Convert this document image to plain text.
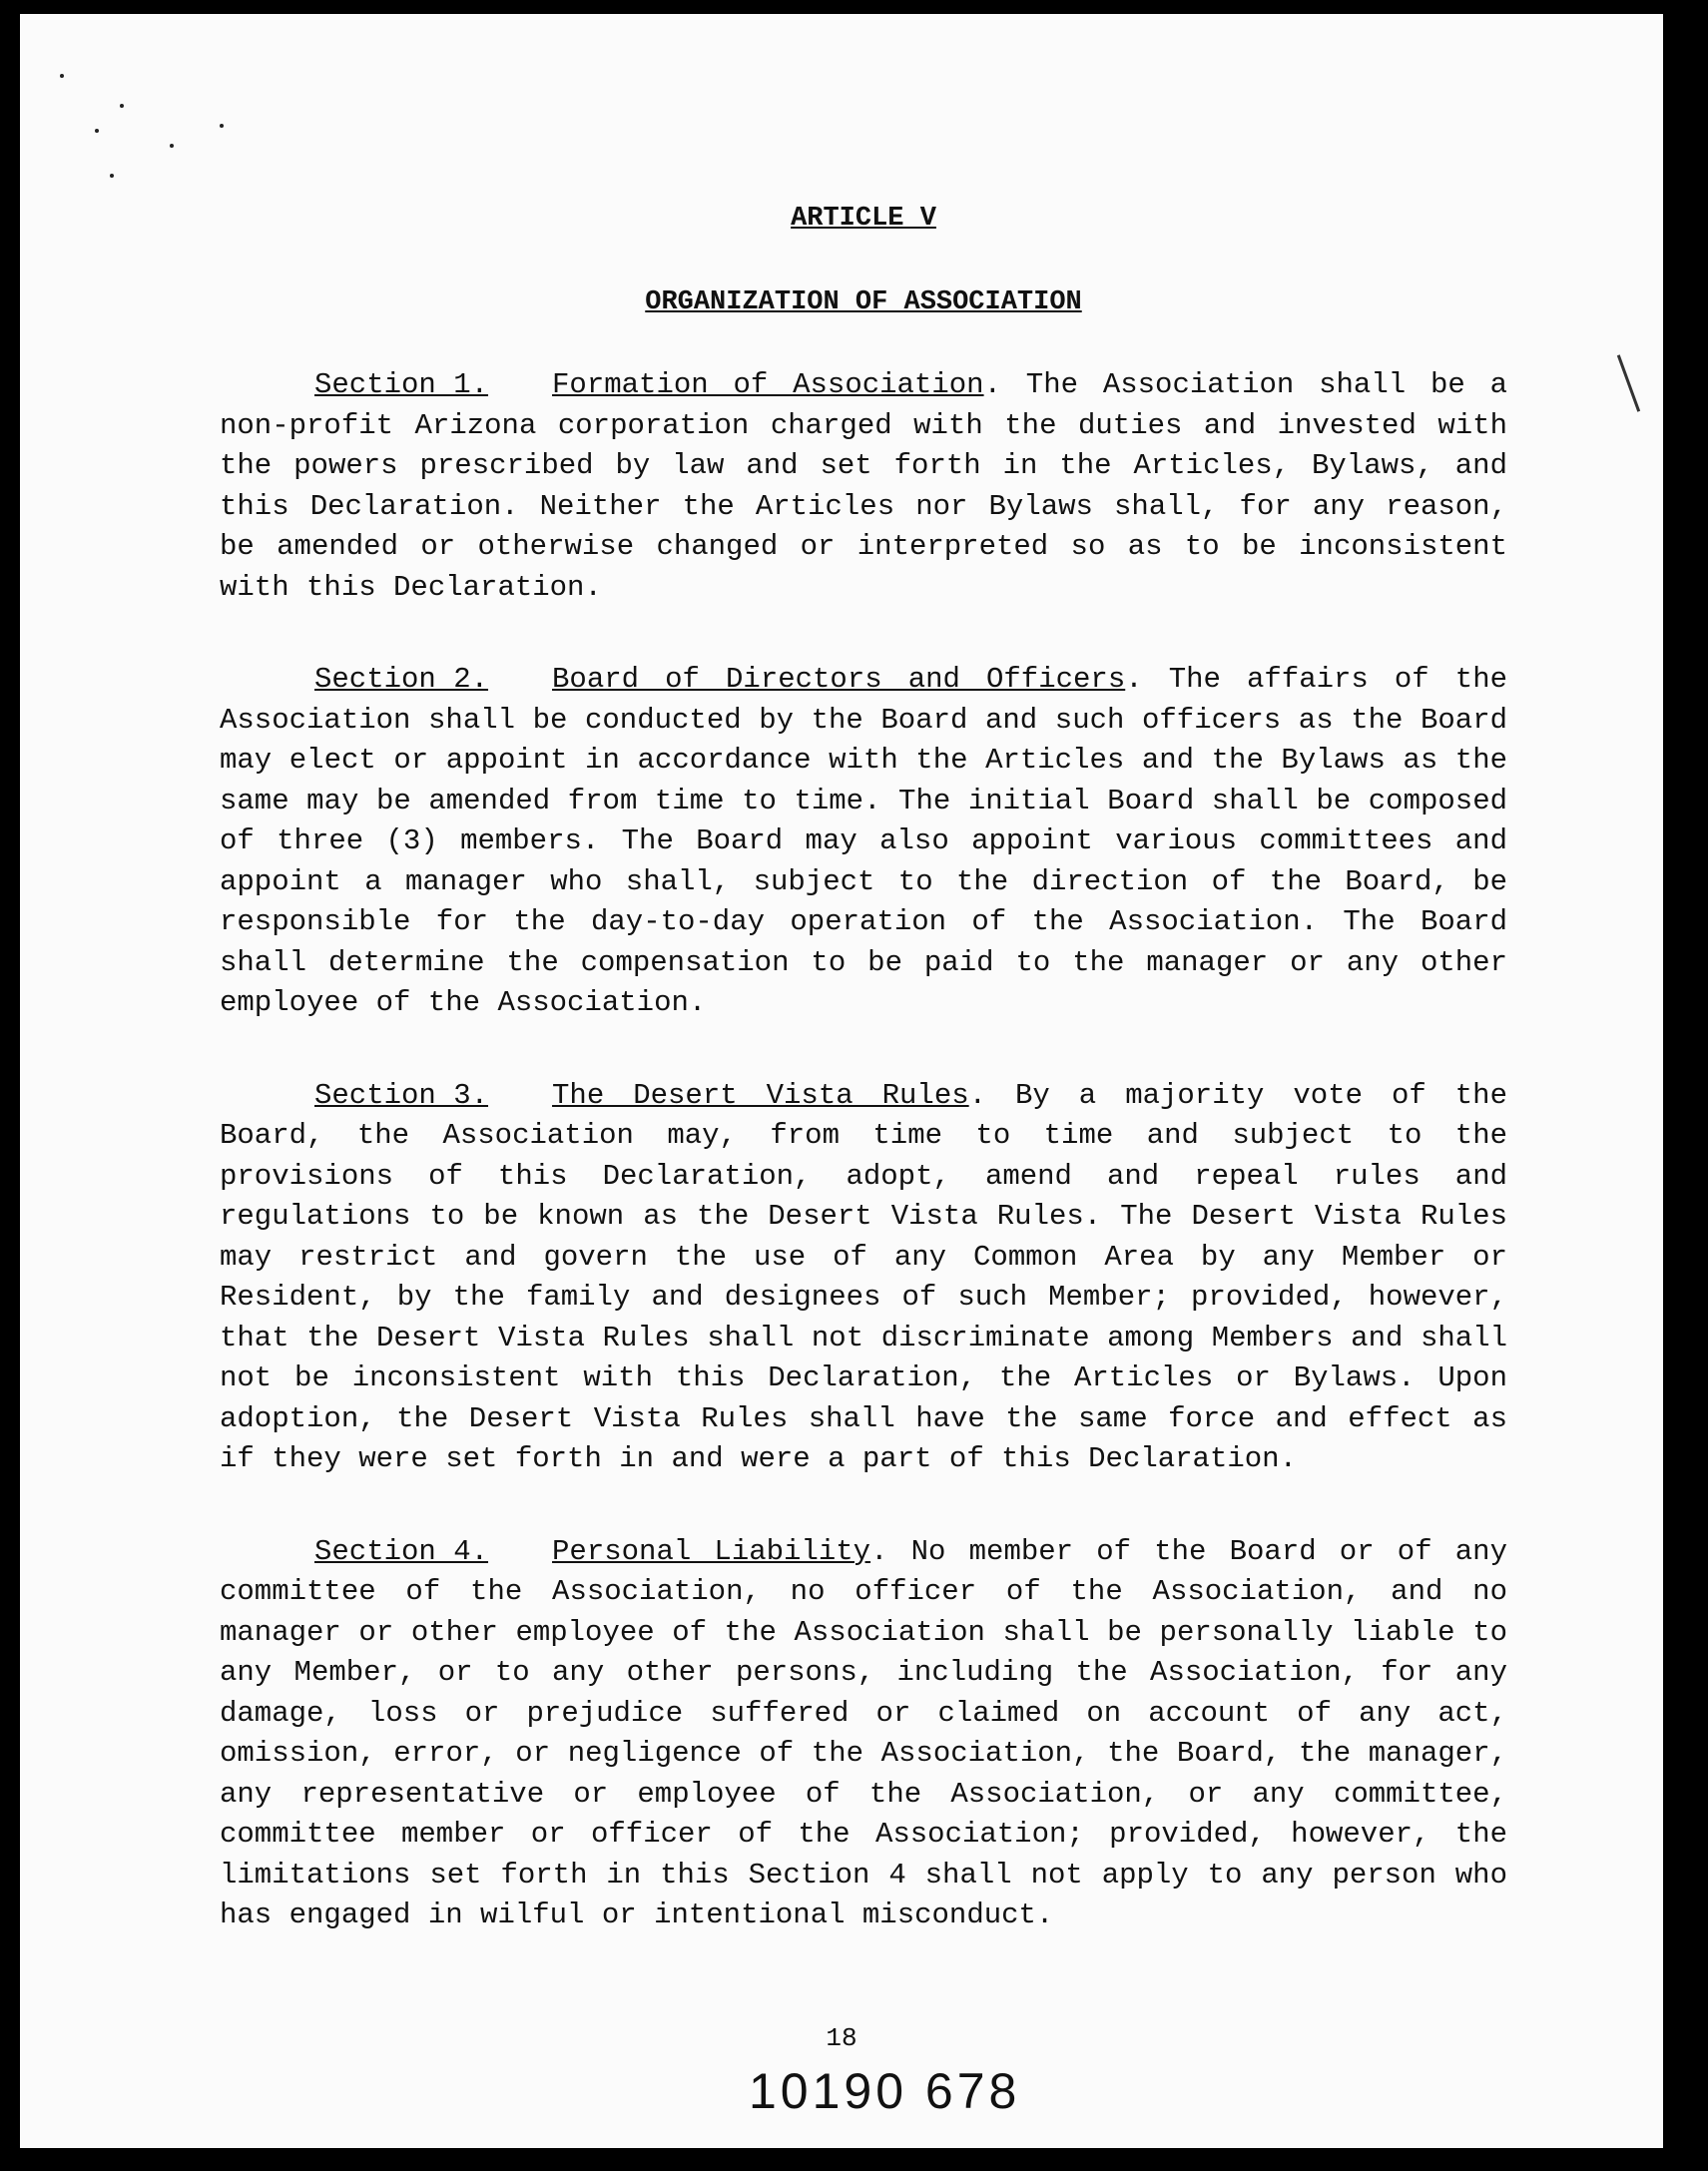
ARTICLE V
ORGANIZATION OF ASSOCIATION

Section 1. Formation of Association. The Association shall be a non-profit Arizona corporation charged with the duties and invested with the powers prescribed by law and set forth in the Articles, Bylaws, and this Declaration. Neither the Articles nor Bylaws shall, for any reason, be amended or otherwise changed or interpreted so as to be inconsistent with this Declaration.

Section 2. Board of Directors and Officers. The affairs of the Association shall be conducted by the Board and such officers as the Board may elect or appoint in accordance with the Articles and the Bylaws as the same may be amended from time to time. The initial Board shall be composed of three (3) members. The Board may also appoint various committees and appoint a manager who shall, subject to the direction of the Board, be responsible for the day-to-day operation of the Association. The Board shall determine the compensation to be paid to the manager or any other employee of the Association.

Section 3. The Desert Vista Rules. By a majority vote of the Board, the Association may, from time to time and subject to the provisions of this Declaration, adopt, amend and repeal rules and regulations to be known as the Desert Vista Rules. The Desert Vista Rules may restrict and govern the use of any Common Area by any Member or Resident, by the family and designees of such Member; provided, however, that the Desert Vista Rules shall not discriminate among Members and shall not be inconsistent with this Declaration, the Articles or Bylaws. Upon adoption, the Desert Vista Rules shall have the same force and effect as if they were set forth in and were a part of this Declaration.

Section 4. Personal Liability. No member of the Board or of any committee of the Association, no officer of the Association, and no manager or other employee of the Association shall be personally liable to any Member, or to any other persons, including the Association, for any damage, loss or prejudice suffered or claimed on account of any act, omission, error, or negligence of the Association, the Board, the manager, any representative or employee of the Association, or any committee, committee member or officer of the Association; provided, however, the limitations set forth in this Section 4 shall not apply to any person who has engaged in wilful or intentional misconduct.

18
10190 678
